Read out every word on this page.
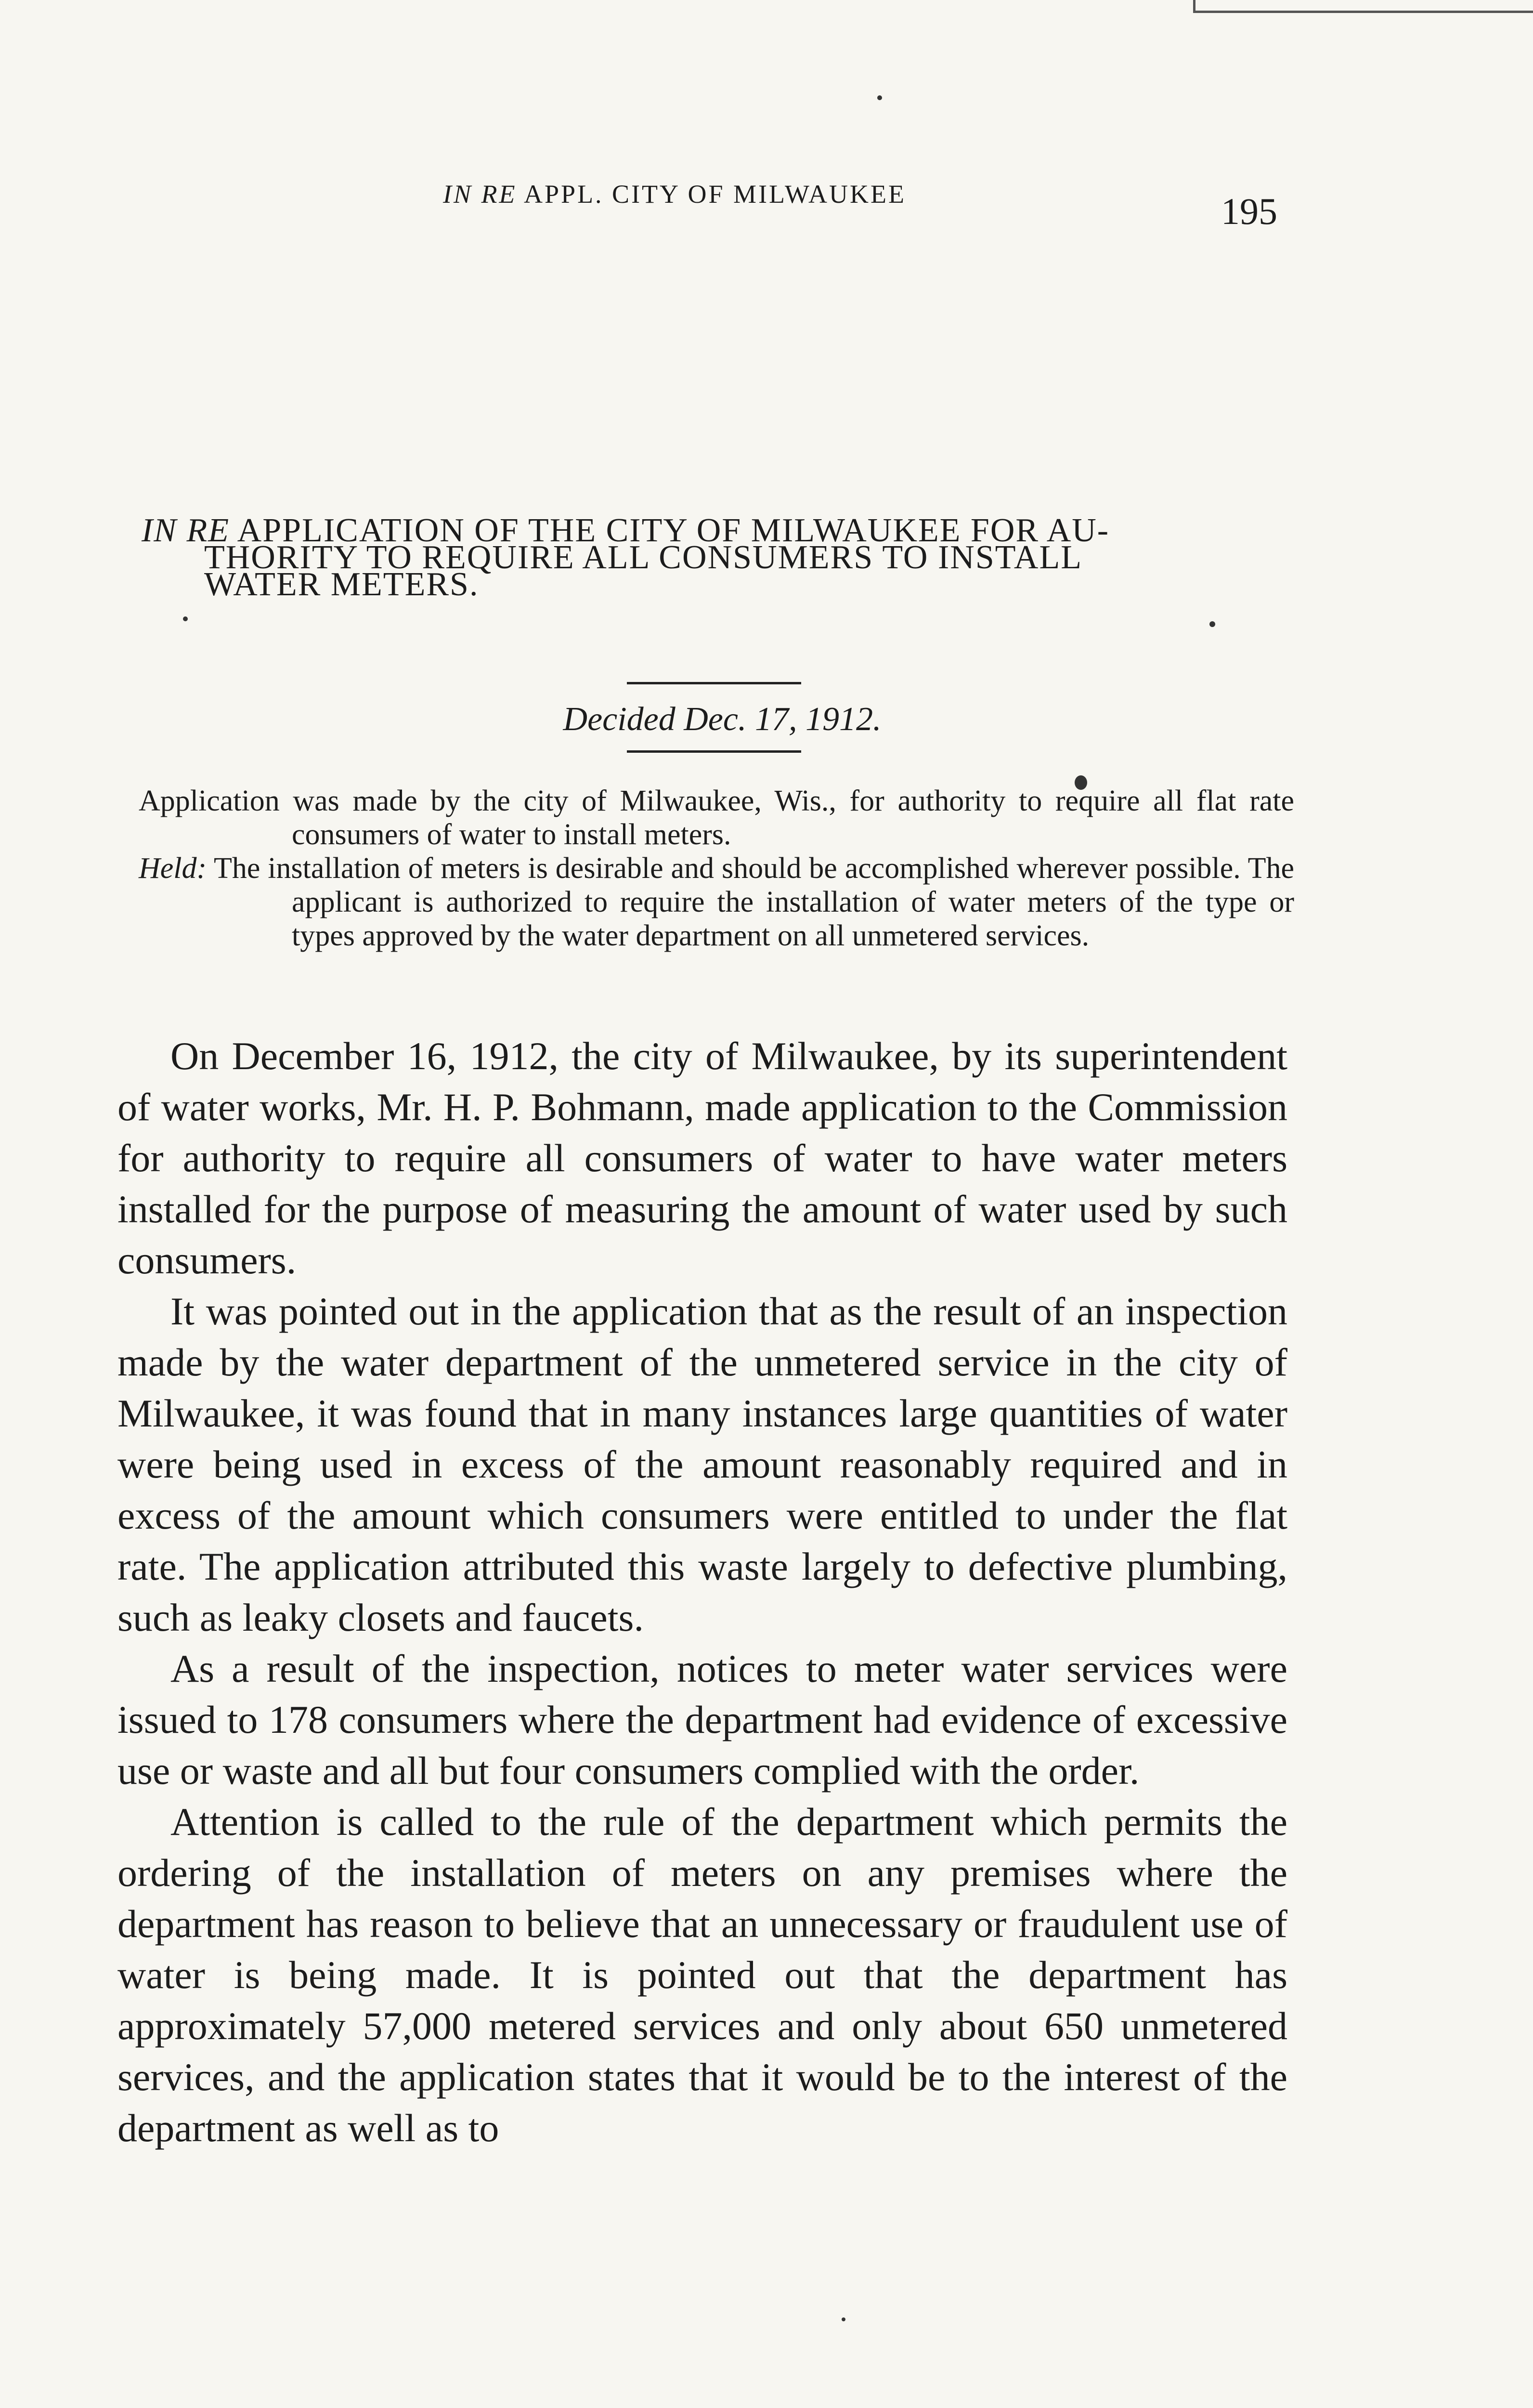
IN RE APPL. CITY OF MILWAUKEE	195
IN RE APPLICATION OF THE CITY OF MILWAUKEE FOR AU-
THORITY TO REQUIRE ALL CONSUMERS TO INSTALL
WATER METERS.
Decided Dec. 17, 1912.

Application was made by the city of Milwaukee, Wis., for authority to require all flat rate consumers of water to install meters.

Held: The installation of meters is desirable and should be accomplished wherever possible. The applicant is authorized to require the installation of water meters of the type or types approved by the water department on all unmetered services.

On December 16, 1912, the city of Milwaukee, by its superintendent of water works, Mr. H. P. Bohmann, made application to the Commission for authority to require all consumers of water to have water meters installed for the purpose of measuring the amount of water used by such consumers.

It was pointed out in the application that as the result of an inspection made by the water department of the unmetered service in the city of Milwaukee, it was found that in many instances large quantities of water were being used in excess of the amount reasonably required and in excess of the amount which consumers were entitled to under the flat rate. The application attributed this waste largely to defective plumbing, such as leaky closets and faucets.

As a result of the inspection, notices to meter water services were issued to 178 consumers where the department had evidence of excessive use or waste and all but four consumers complied with the order.

Attention is called to the rule of the department which permits the ordering of the installation of meters on any premises where the department has reason to believe that an unnecessary or fraudulent use of water is being made. It is pointed out that the department has approximately 57,000 metered services and only about 650 unmetered services, and the application states that it would be to the interest of the department as well as to
